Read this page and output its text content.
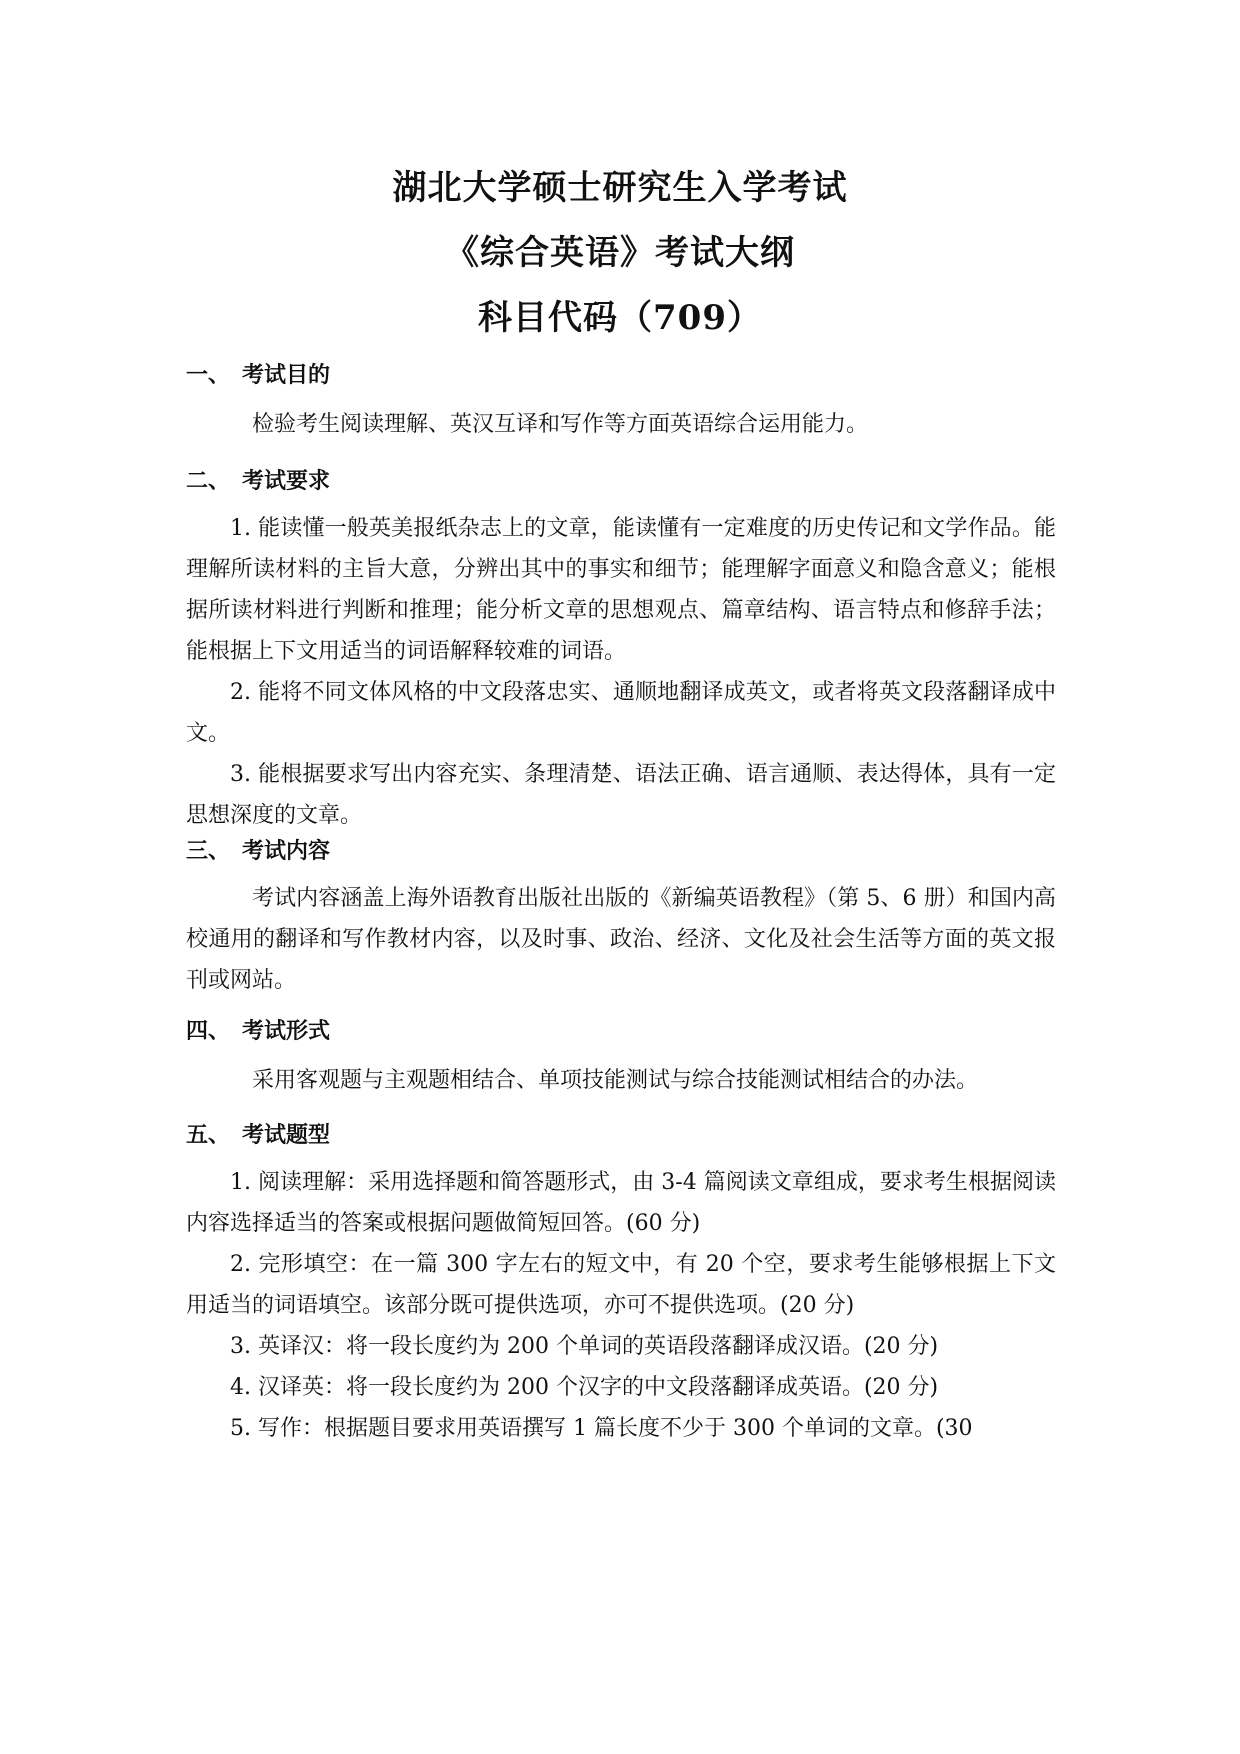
湖北大学硕士研究生入学考试
《综合英语》考试大纲
科目代码（709）
一、 考试目的
检验考生阅读理解、英汉互译和写作等方面英语综合运用能力。
二、 考试要求
1. 能读懂一般英美报纸杂志上的文章，能读懂有一定难度的历史传记和文学作品。能理解所读材料的主旨大意，分辨出其中的事实和细节；能理解字面意义和隐含意义；能根据所读材料进行判断和推理；能分析文章的思想观点、篇章结构、语言特点和修辞手法；能根据上下文用适当的词语解释较难的词语。
2. 能将不同文体风格的中文段落忠实、通顺地翻译成英文，或者将英文段落翻译成中文。
3. 能根据要求写出内容充实、条理清楚、语法正确、语言通顺、表达得体，具有一定思想深度的文章。
三、 考试内容
考试内容涵盖上海外语教育出版社出版的《新编英语教程》（第 5、6 册）和国内高校通用的翻译和写作教材内容，以及时事、政治、经济、文化及社会生活等方面的英文报刊或网站。
四、 考试形式
采用客观题与主观题相结合、单项技能测试与综合技能测试相结合的办法。
五、 考试题型
1. 阅读理解：采用选择题和简答题形式，由 3-4 篇阅读文章组成，要求考生根据阅读内容选择适当的答案或根据问题做简短回答。(60 分)
2. 完形填空：在一篇 300 字左右的短文中，有 20 个空，要求考生能够根据上下文用适当的词语填空。该部分既可提供选项，亦可不提供选项。(20 分)
3. 英译汉：将一段长度约为 200 个单词的英语段落翻译成汉语。(20 分)
4. 汉译英：将一段长度约为 200 个汉字的中文段落翻译成英语。(20 分)
5. 写作：根据题目要求用英语撰写 1 篇长度不少于 300 个单词的文章。(30
